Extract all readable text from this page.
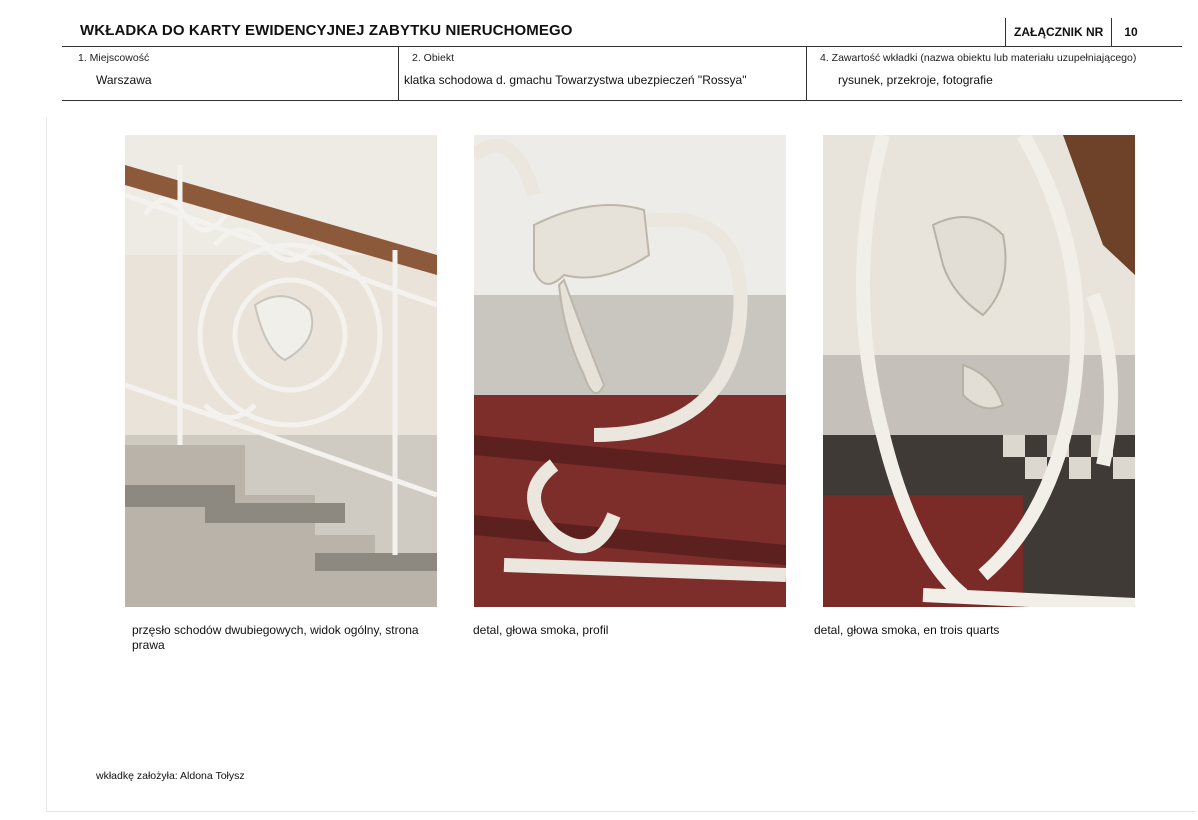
WKŁADKA DO KARTY EWIDENCYJNEJ ZABYTKU NIERUCHOMEGO	ZAŁĄCZNIK NR	10
1. Miejscowość
Warszawa
2. Obiekt
klatka schodowa d. gmachu Towarzystwa ubezpieczeń "Rossya"
4. Zawartość wkładki (nazwa obiektu lub materiału uzupełniającego)
rysunek, przekroje, fotografie
przęsło schodów dwubiegowych, widok ogólny, strona prawa
detal, głowa smoka, profil	detal, głowa smoka, en trois quarts
wkładkę założyła: Aldona Tołysz
